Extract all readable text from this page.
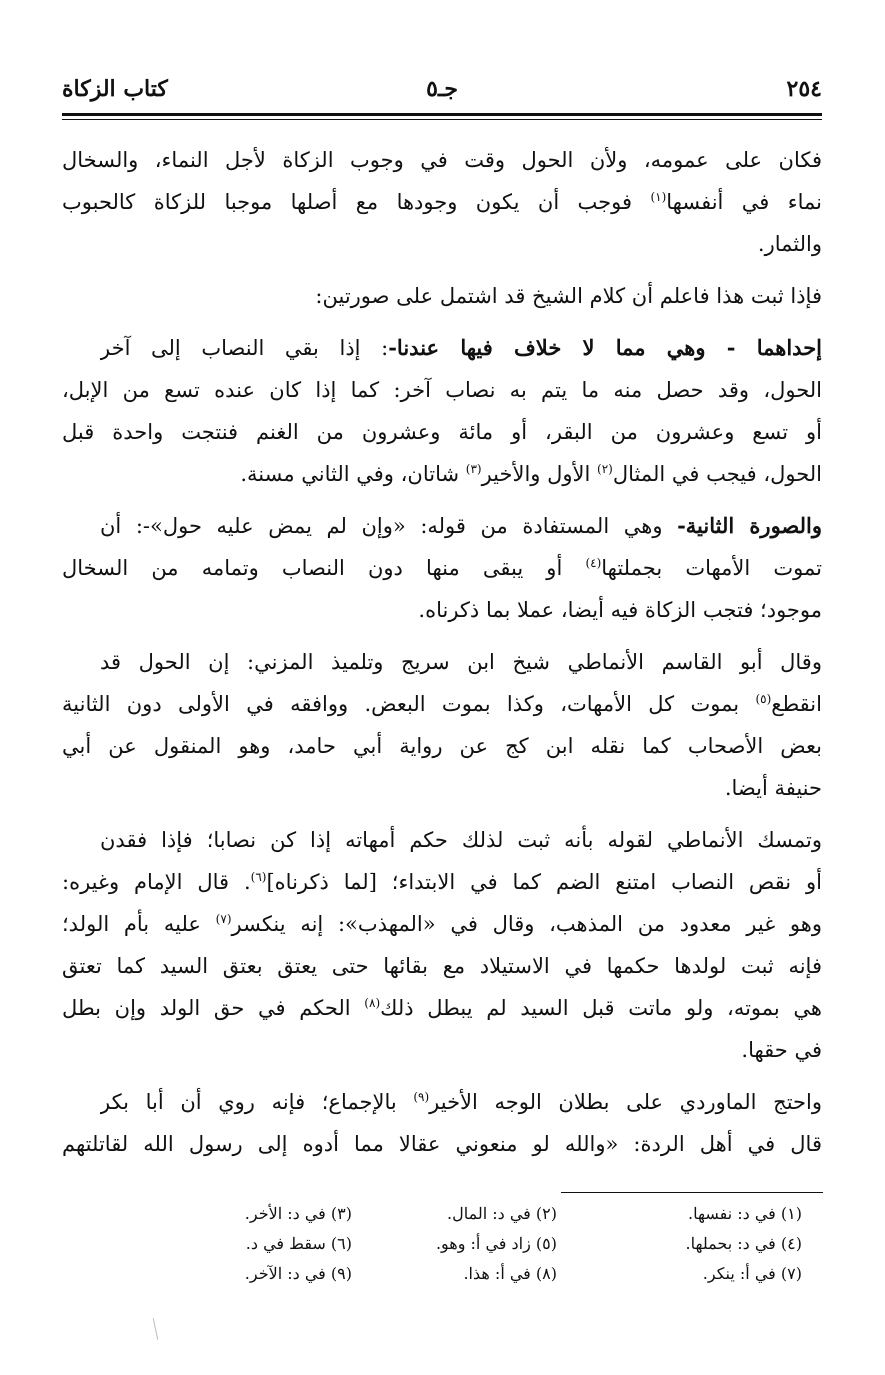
٢٥٤
جـ٥
كتاب الزكاة
فكان على عمومه، ولأن الحول وقت في وجوب الزكاة لأجل النماء، والسخال
نماء في أنفسها$^{(١)}$ فوجب أن يكون وجودها مع أصلها موجبا للزكاة كالحبوب
والثمار.
فإذا ثبت هذا فاعلم أن كلام الشيخ قد اشتمل على صورتين:
إحداهما - وهي مما لا خلاف فيها عندنا-: إذا بقي النصاب إلى آخر
الحول، وقد حصل منه ما يتم به نصاب آخر: كما إذا كان عنده تسع من الإبل،
أو تسع وعشرون من البقر، أو مائة وعشرون من الغنم فنتجت واحدة قبل
الحول، فيجب في المثال$^{(٢)}$ الأول والأخير$^{(٣)}$ شاتان، وفي الثاني مسنة.
والصورة الثانية- وهي المستفادة من قوله: «وإن لم يمض عليه حول»-: أن
تموت الأمهات بجملتها$^{(٤)}$ أو يبقى منها دون النصاب وتمامه من السخال
موجود؛ فتجب الزكاة فيه أيضا، عملا بما ذكرناه.
وقال أبو القاسم الأنماطي شيخ ابن سريج وتلميذ المزني: إن الحول قد
انقطع$^{(٥)}$ بموت كل الأمهات، وكذا بموت البعض. ووافقه في الأولى دون الثانية
بعض الأصحاب كما نقله ابن كج عن رواية أبي حامد، وهو المنقول عن أبي
حنيفة أيضا.
وتمسك الأنماطي لقوله بأنه ثبت لذلك حكم أمهاته إذا كن نصابا؛ فإذا فقدن
أو نقص النصاب امتنع الضم كما في الابتداء؛ [لما ذكرناه]$^{(٦)}$. قال الإمام وغيره:
وهو غير معدود من المذهب، وقال في «المهذب»: إنه ينكسر$^{(٧)}$ عليه بأم الولد؛
فإنه ثبت لولدها حكمها في الاستيلاد مع بقائها حتى يعتق بعتق السيد كما تعتق
هي بموته، ولو ماتت قبل السيد لم يبطل ذلك$^{(٨)}$ الحكم في حق الولد وإن بطل
في حقها.
واحتج الماوردي على بطلان الوجه الأخير$^{(٩)}$ بالإجماع؛ فإنه روي أن أبا بكر
قال في أهل الردة: «والله لو منعوني عقالا مما أدوه إلى رسول الله لقاتلتهم
(١) في د: نفسها.
(٢) في د: المال.
(٣) في د: الأخر.
(٤) في د: بحملها.
(٥) زاد في أ: وهو.
(٦) سقط في د.
(٧) في أ: ينكر.
(٨) في أ: هذا.
(٩) في د: الآخر.
